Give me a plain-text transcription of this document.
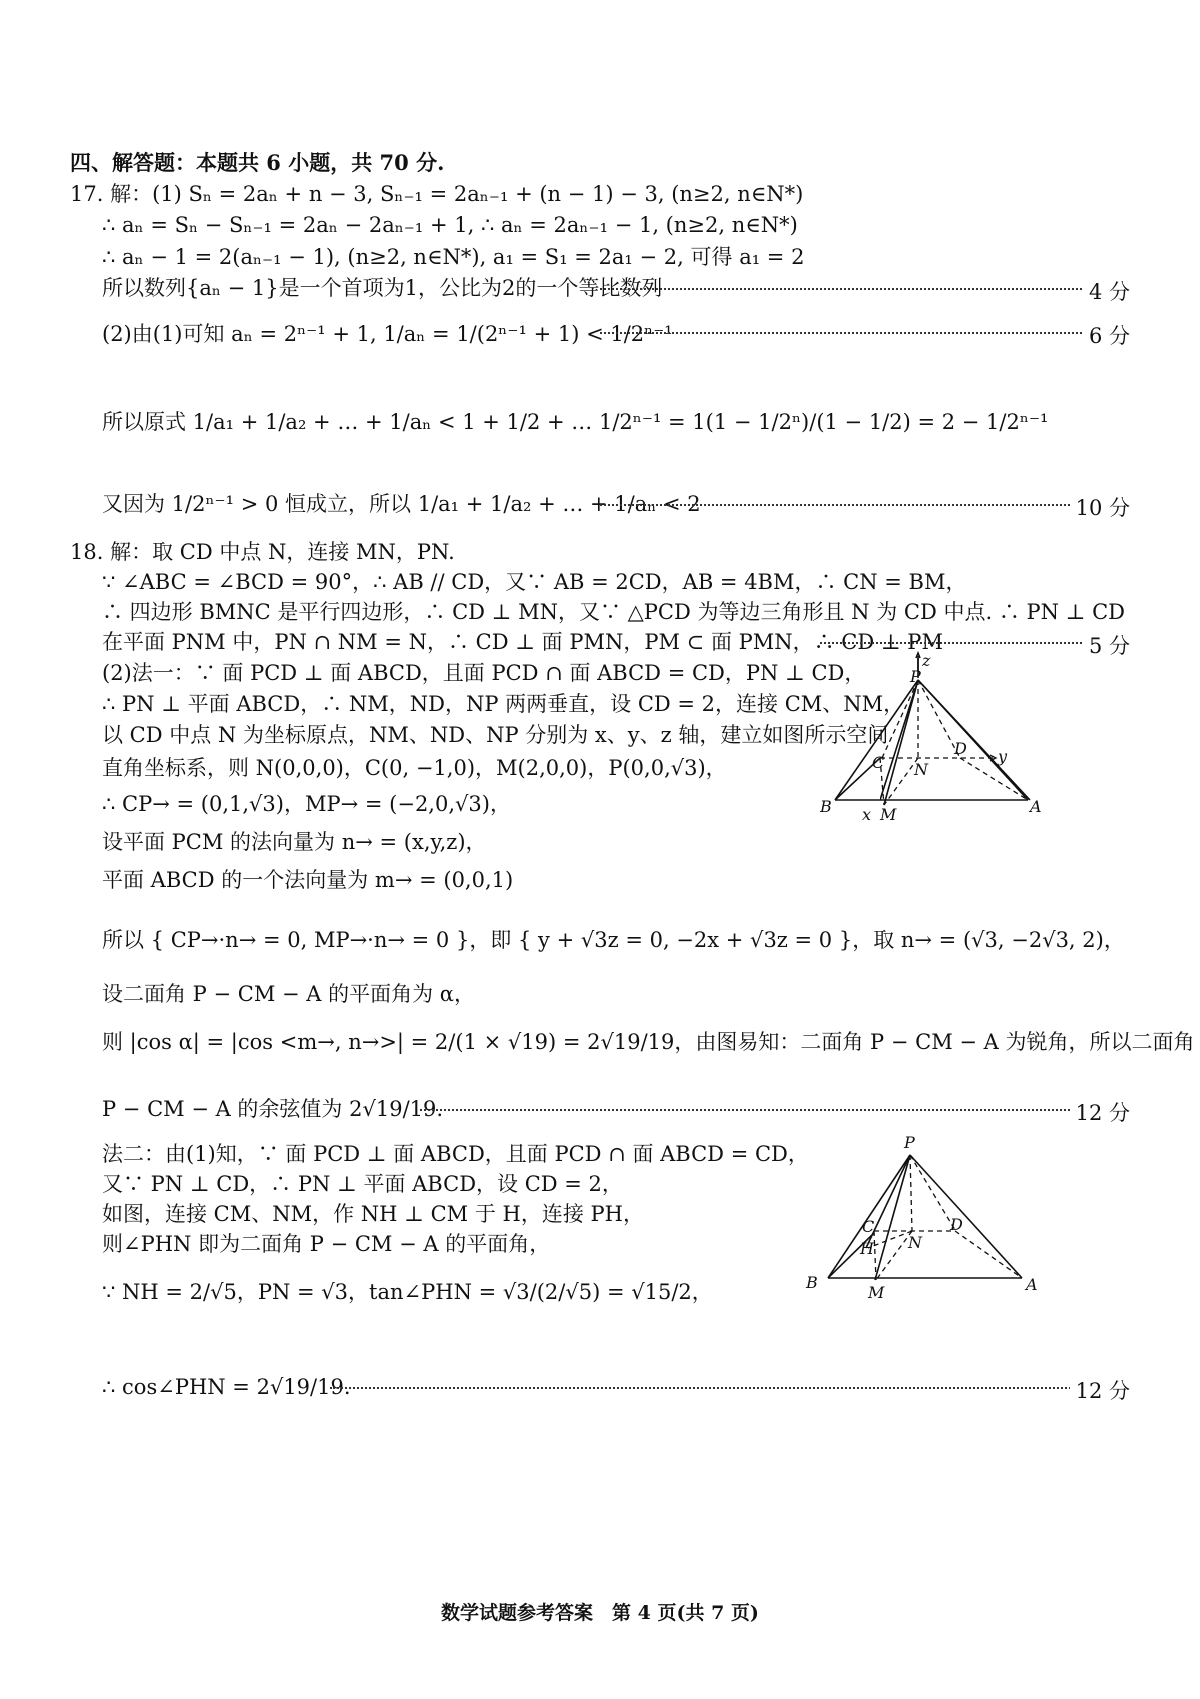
四、解答题：本题共 6 小题，共 70 分.
17. 解：(1) Sₙ = 2aₙ + n − 3, Sₙ₋₁ = 2aₙ₋₁ + (n − 1) − 3, (n≥2, n∈N*)
∴ aₙ = Sₙ − Sₙ₋₁ = 2aₙ − 2aₙ₋₁ + 1, ∴ aₙ = 2aₙ₋₁ − 1, (n≥2, n∈N*)
∴ aₙ − 1 = 2(aₙ₋₁ − 1), (n≥2, n∈N*), a₁ = S₁ = 2a₁ − 2, 可得 a₁ = 2
所以数列{aₙ − 1}是一个首项为1，公比为2的一个等比数列	4 分
(2)由(1)可知 aₙ = 2ⁿ⁻¹ + 1, 1/aₙ = 1/(2ⁿ⁻¹ + 1) < 1/2ⁿ⁻¹	6 分
所以原式 1/a₁ + 1/a₂ + … + 1/aₙ < 1 + 1/2 + … 1/2ⁿ⁻¹ = 1(1 − 1/2ⁿ)/(1 − 1/2) = 2 − 1/2ⁿ⁻¹
又因为 1/2ⁿ⁻¹ > 0 恒成立，所以 1/a₁ + 1/a₂ + … + 1/aₙ < 2	10 分
18. 解：取 CD 中点 N，连接 MN，PN.
∵ ∠ABC = ∠BCD = 90°，∴ AB // CD，又∵ AB = 2CD，AB = 4BM，∴ CN = BM，
∴ 四边形 BMNC 是平行四边形，∴ CD ⊥ MN，又∵ △PCD 为等边三角形且 N 为 CD 中点. ∴ PN ⊥ CD
在平面 PNM 中，PN ∩ NM = N，∴ CD ⊥ 面 PMN，PM ⊂ 面 PMN，∴ CD ⊥ PM	5 分
(2)法一：∵ 面 PCD ⊥ 面 ABCD，且面 PCD ∩ 面 ABCD = CD，PN ⊥ CD，
∴ PN ⊥ 平面 ABCD，∴ NM，ND，NP 两两垂直，设 CD = 2，连接 CM、NM，
以 CD 中点 N 为坐标原点，NM、ND、NP 分别为 x、y、z 轴，建立如图所示空间
直角坐标系，则 N(0,0,0)，C(0, −1,0)，M(2,0,0)，P(0,0,√3)，
∴ CP→ = (0,1,√3)，MP→ = (−2,0,√3)，
设平面 PCM 的法向量为 n→ = (x,y,z)，
平面 ABCD 的一个法向量为 m→ = (0,0,1)
所以 { CP→·n→ = 0, MP→·n→ = 0 }，即 { y + √3z = 0, −2x + √3z = 0 }，取 n→ = (√3, −2√3, 2)，
设二面角 P − CM − A 的平面角为 α，
则 |cos α| = |cos <m→, n→>| = 2/(1 × √19) = 2√19/19，由图易知：二面角 P − CM − A 为锐角，所以二面角
P − CM − A 的余弦值为 2√19/19.	12 分
法二：由(1)知，∵ 面 PCD ⊥ 面 ABCD，且面 PCD ∩ 面 ABCD = CD，
又∵ PN ⊥ CD，∴ PN ⊥ 平面 ABCD，设 CD = 2，
如图，连接 CM、NM，作 NH ⊥ CM 于 H，连接 PH，
则∠PHN 即为二面角 P − CM − A 的平面角，
∵ NH = 2/√5，PN = √3，tan∠PHN = √3/(2/√5) = √15/2，
∴ cos∠PHN = 2√19/19.	12 分
z
P
C N
D y
B x M	A
P
C
H N
D
B
M	A
数学试题参考答案　第 4 页(共 7 页)
